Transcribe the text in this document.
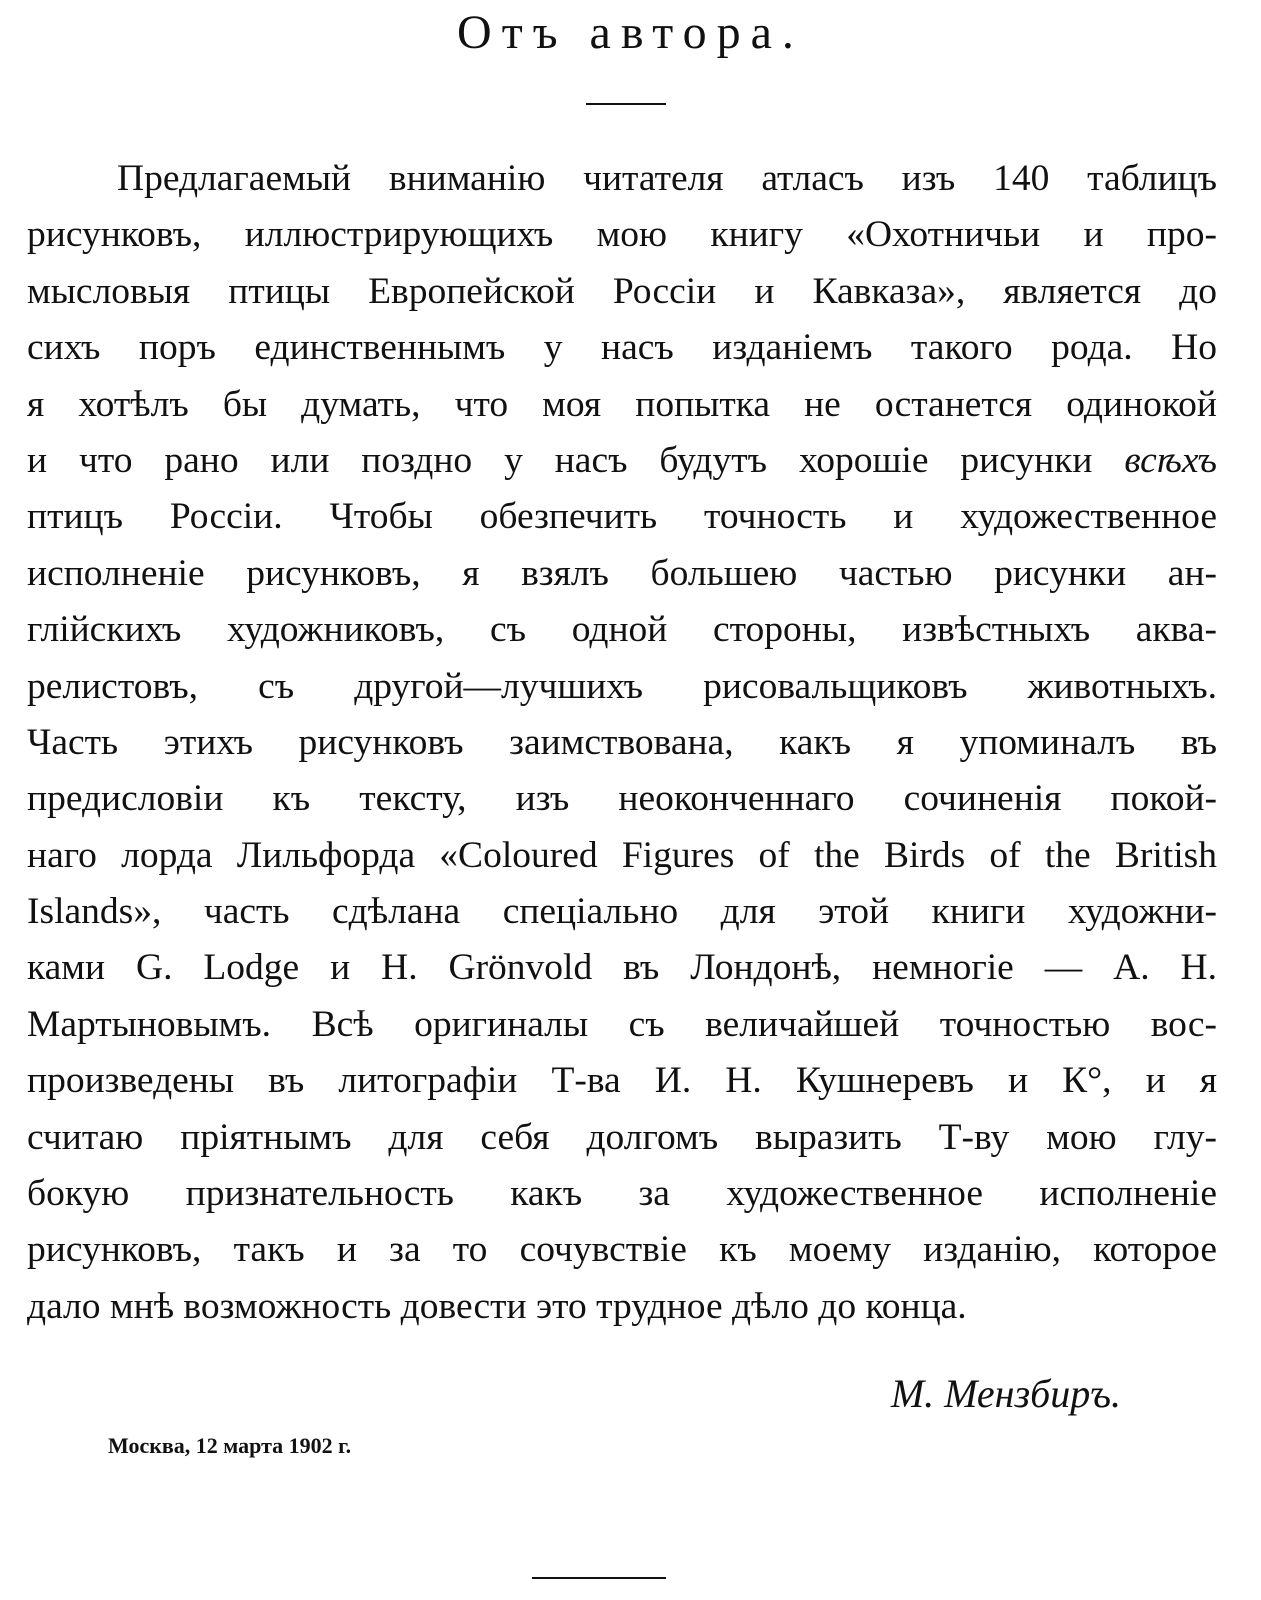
Отъ автора.
Предлагаемый вниманію читателя атласъ изъ 140 таблицъ
рисунковъ, иллюстрирующихъ мою книгу «Охотничьи и про-
мысловыя птицы Европейской Россіи и Кавказа», является до
сихъ поръ единственнымъ у насъ изданіемъ такого рода. Но
я хотѣлъ бы думать, что моя попытка не останется одинокой
и что рано или поздно у насъ будутъ хорошіе рисунки всѣхъ
птицъ Россіи. Чтобы обезпечить точность и художественное
исполненіе рисунковъ, я взялъ большею частью рисунки ан-
глійскихъ художниковъ, съ одной стороны, извѣстныхъ аква-
релистовъ, съ другой—лучшихъ рисовальщиковъ животныхъ.
Часть этихъ рисунковъ заимствована, какъ я упоминалъ въ
предисловіи къ тексту, изъ неоконченнаго сочиненія покой-
наго лорда Лильфорда «Coloured Figures of the Birds of the British
Islands», часть сдѣлана спеціально для этой книги художни-
ками G. Lodge и H. Grönvold въ Лондонѣ, немногіе — А. Н.
Мартыновымъ. Всѣ оригиналы съ величайшей точностью вос-
произведены въ литографіи Т-ва И. Н. Кушнеревъ и К°, и я
считаю пріятнымъ для себя долгомъ выразить Т-ву мою глу-
бокую признательность какъ за художественное исполненіе
рисунковъ, такъ и за то сочувствіе къ моему изданію, которое
дало мнѣ возможность довести это трудное дѣло до конца.

М. Мензбиръ.

Москва, 12 марта 1902 г.
